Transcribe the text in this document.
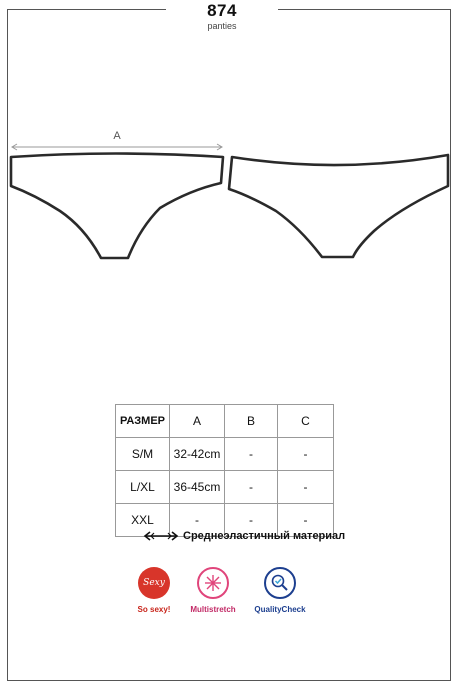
874
panties
A
РАЗМЕР	A	B	C
S/M	32-42cm	-	-
L/XL	36-45cm	-	-
XXL	-	-	-
Среднеэластичный материал
Sexy
So sexy!	Multistretch	QualityCheck
